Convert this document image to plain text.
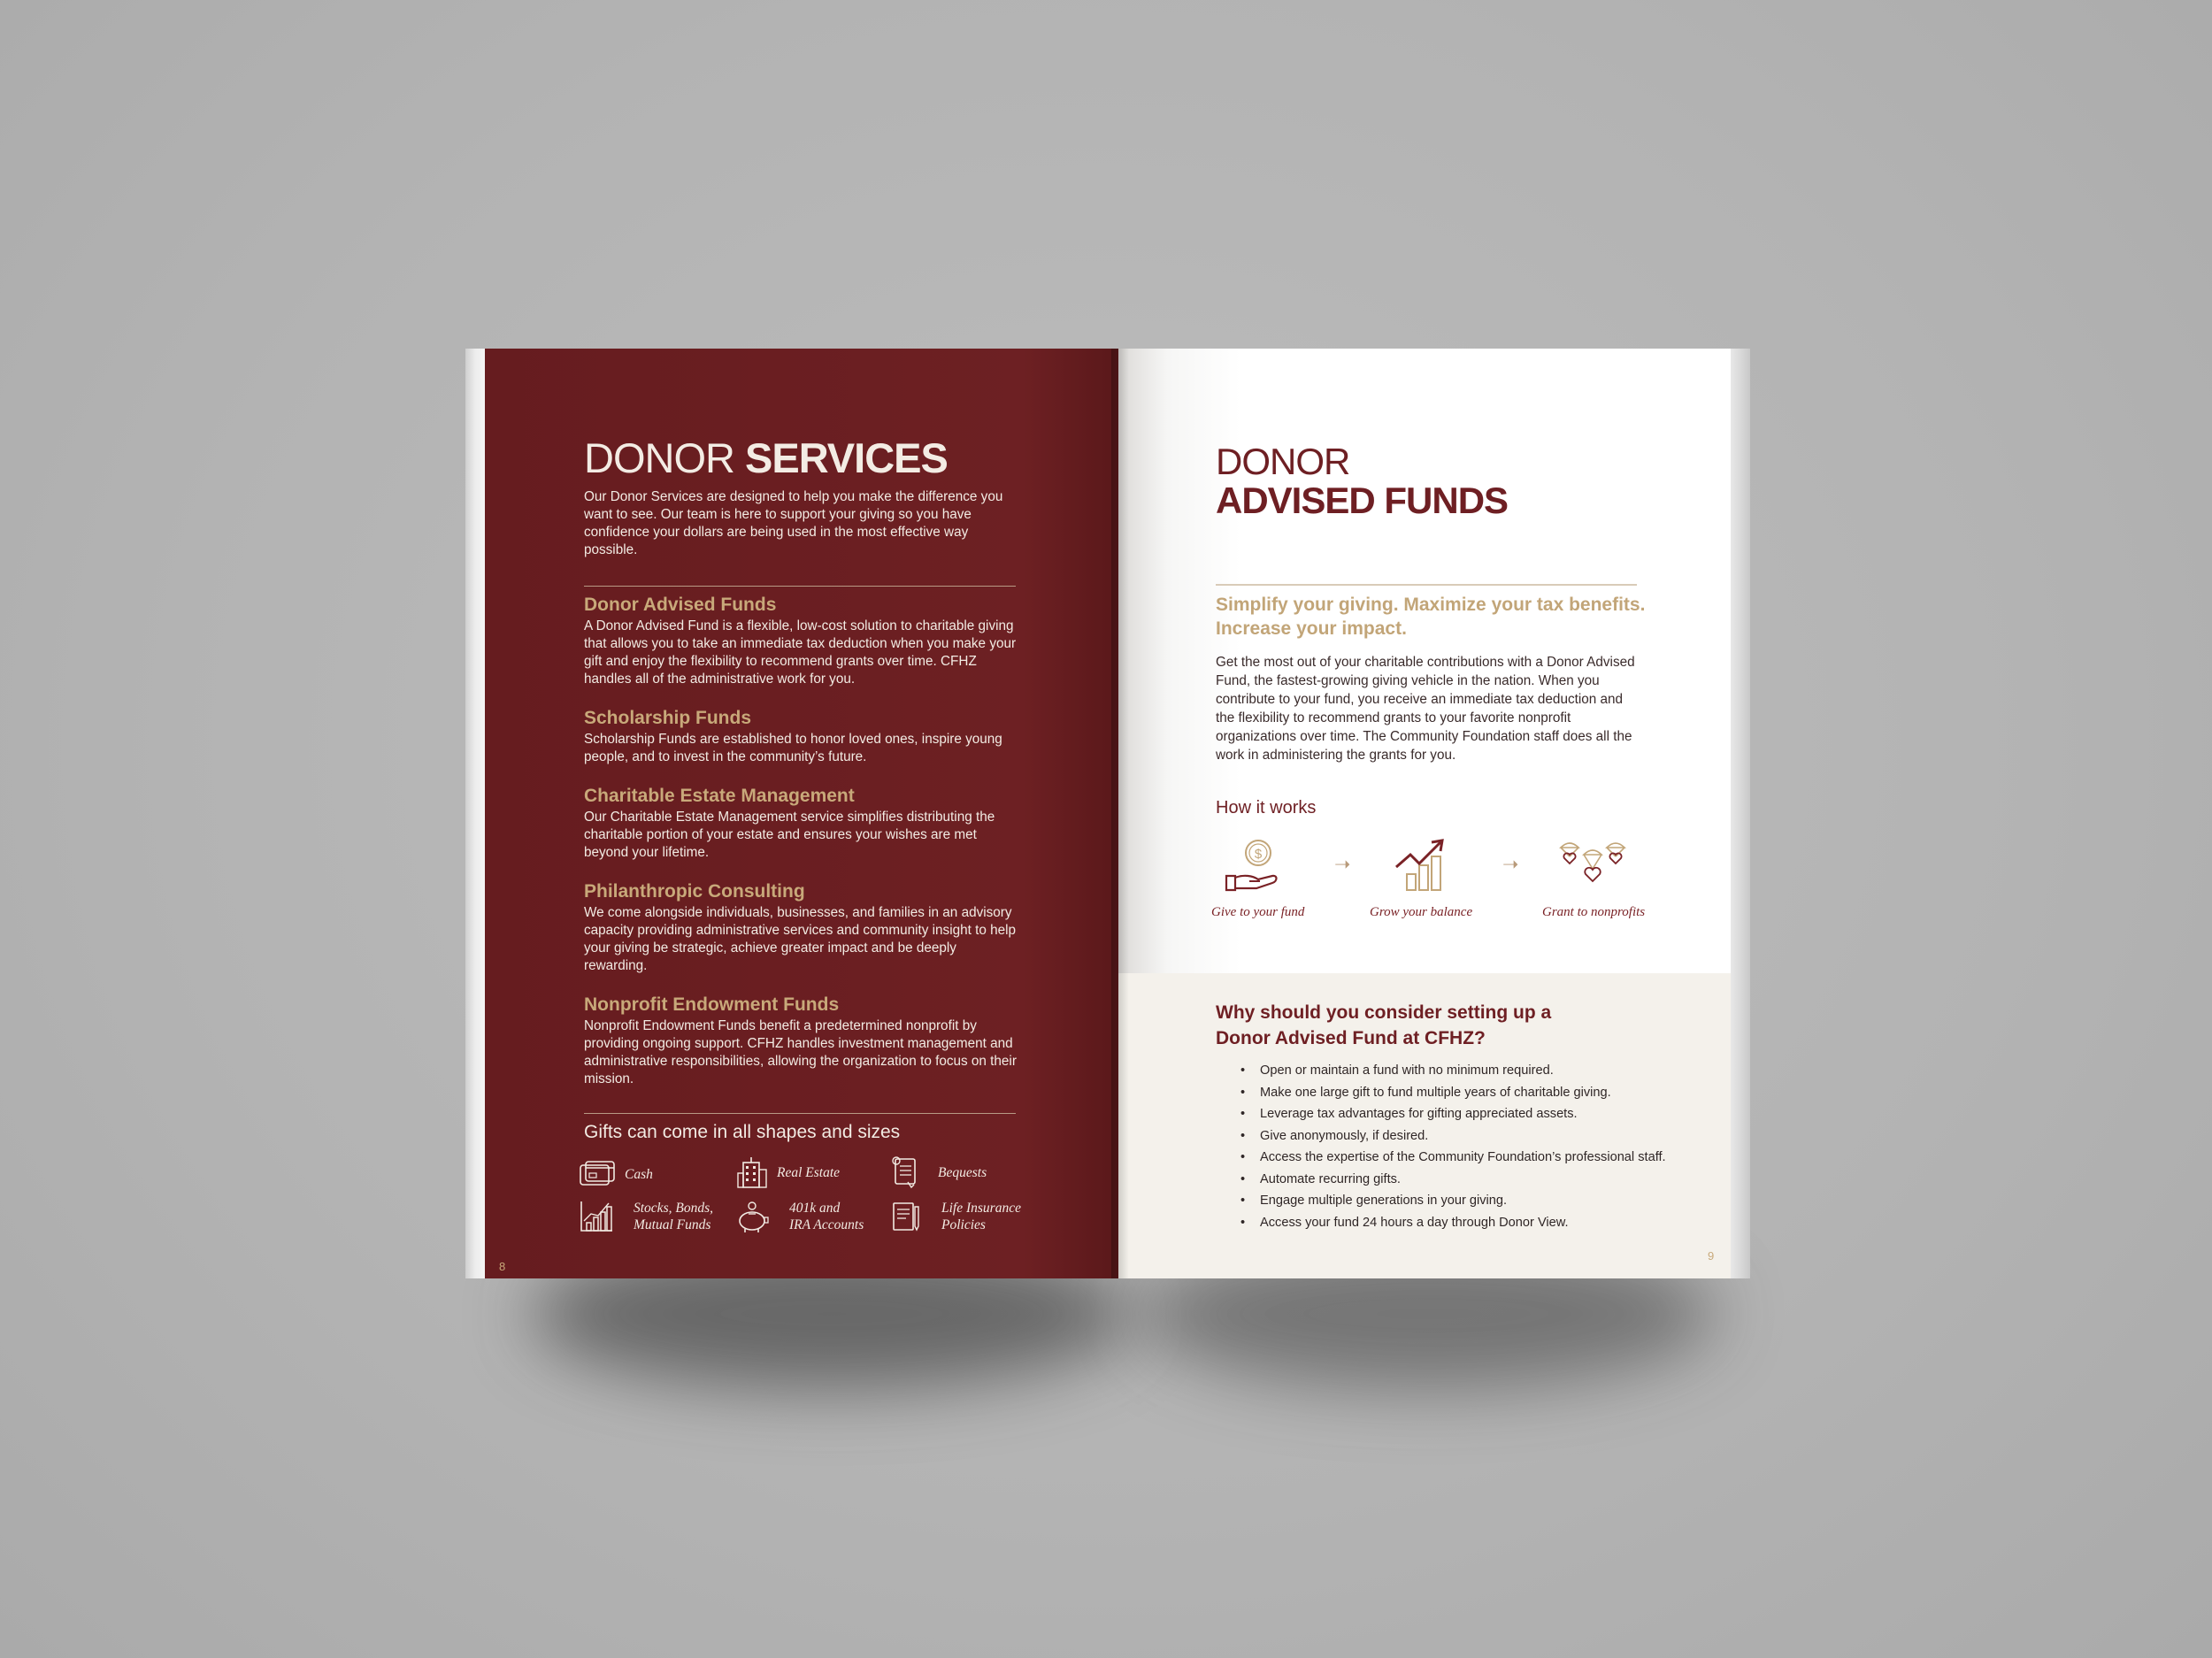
DONOR SERVICES
Our Donor Services are designed to help you make the difference you want to see. Our team is here to support your giving so you have confidence your dollars are being used in the most effective way possible.
Donor Advised Funds
A Donor Advised Fund is a flexible, low-cost solution to charitable giving that allows you to take an immediate tax deduction when you make your gift and enjoy the flexibility to recommend grants over time. CFHZ handles all of the administrative work for you.
Scholarship Funds
Scholarship Funds are established to honor loved ones, inspire young people, and to invest in the community’s future.
Charitable Estate Management
Our Charitable Estate Management service simplifies distributing the charitable portion of your estate and ensures your wishes are met beyond your lifetime.
Philanthropic Consulting
We come alongside individuals, businesses, and families in an advisory capacity providing administrative services and community insight to help your giving be strategic, achieve greater impact and be deeply rewarding.
Nonprofit Endowment Funds
Nonprofit Endowment Funds benefit a predetermined nonprofit by providing ongoing support. CFHZ handles investment management and administrative responsibilities, allowing the organization to focus on their mission.
Gifts can come in all shapes and sizes
Cash	Real Estate	Bequests
Stocks, Bonds,
Mutual Funds
401k and
IRA Accounts
Life Insurance
Policies
8
DONOR
ADVISED FUNDS
Simplify your giving. Maximize your tax benefits. Increase your impact.
Get the most out of your charitable contributions with a Donor Advised Fund, the fastest-growing giving vehicle in the nation. When you contribute to your fund, you receive an immediate tax deduction and the flexibility to recommend grants to your favorite nonprofit organizations over time. The Community Foundation staff does all the work in administering the grants for you.
How it works
$
Give to your fund
➝
Grow your balance
➝
Grant to nonprofits
Why should you consider setting up a Donor Advised Fund at CFHZ?
• Open or maintain a fund with no minimum required.
• Make one large gift to fund multiple years of charitable giving.
• Leverage tax advantages for gifting appreciated assets.
• Give anonymously, if desired.
• Access the expertise of the Community Foundation’s professional staff.
• Automate recurring gifts.
• Engage multiple generations in your giving.
• Access your fund 24 hours a day through Donor View.
9
